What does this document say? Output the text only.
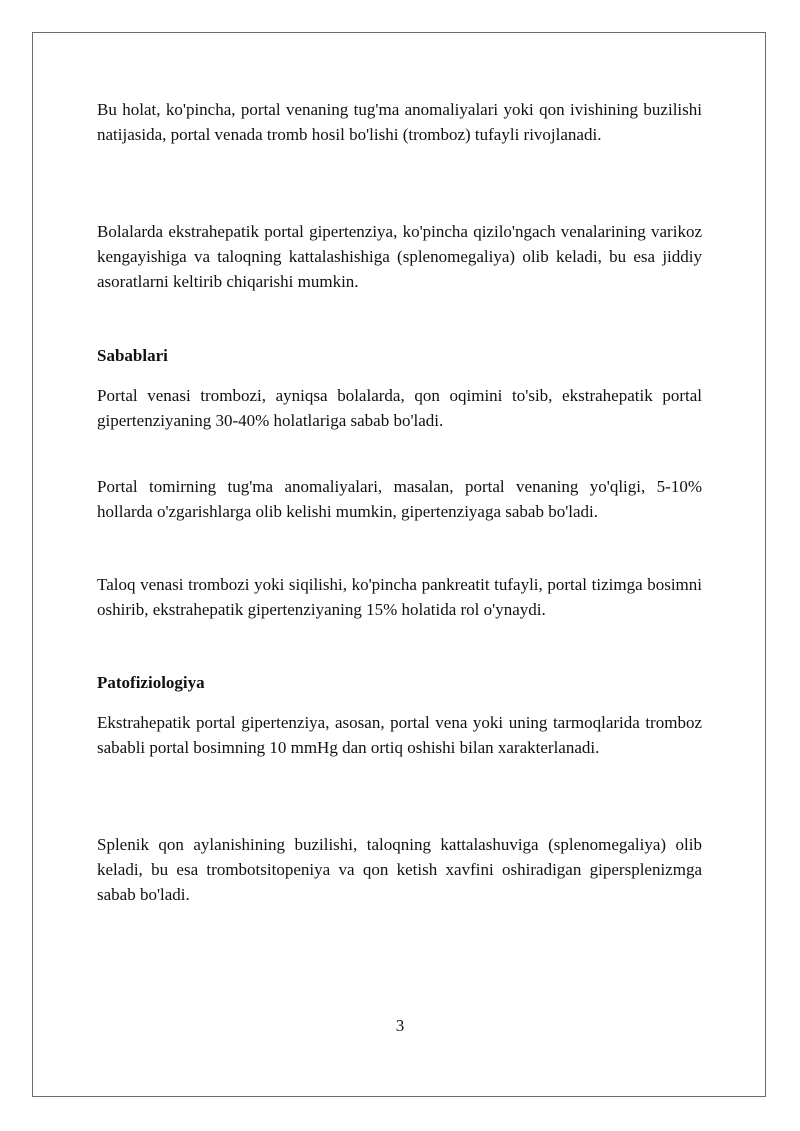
Bu holat, ko'pincha, portal venaning tug'ma anomaliyalari yoki qon ivishining buzilishi natijasida, portal venada tromb hosil bo'lishi (tromboz) tufayli rivojlanadi.

Bolalarda ekstrahepatik portal gipertenziya, ko'pincha qizilo'ngach venalarining varikoz kengayishiga va taloqning kattalashishiga (splenomegaliya) olib keladi, bu esa jiddiy asoratlarni keltirib chiqarishi mumkin.

Sabablari

Portal venasi trombozi, ayniqsa bolalarda, qon oqimini to'sib, ekstrahepatik portal gipertenziyaning 30-40% holatlariga sabab bo'ladi.

Portal tomirning tug'ma anomaliyalari, masalan, portal venaning yo'qligi, 5-10% hollarda o'zgarishlarga olib kelishi mumkin, gipertenziyaga sabab bo'ladi.

Taloq venasi trombozi yoki siqilishi, ko'pincha pankreatit tufayli, portal tizimga bosimni oshirib, ekstrahepatik gipertenziyaning 15% holatida rol o'ynaydi.

Patofiziologiya

Ekstrahepatik portal gipertenziya, asosan, portal vena yoki uning tarmoqlarida tromboz sababli portal bosimning 10 mmHg dan ortiq oshishi bilan xarakterlanadi.

Splenik qon aylanishining buzilishi, taloqning kattalashuviga (splenomegaliya) olib keladi, bu esa trombotsitopeniya va qon ketish xavfini oshiradigan gipersplenizmga sabab bo'ladi.

3
